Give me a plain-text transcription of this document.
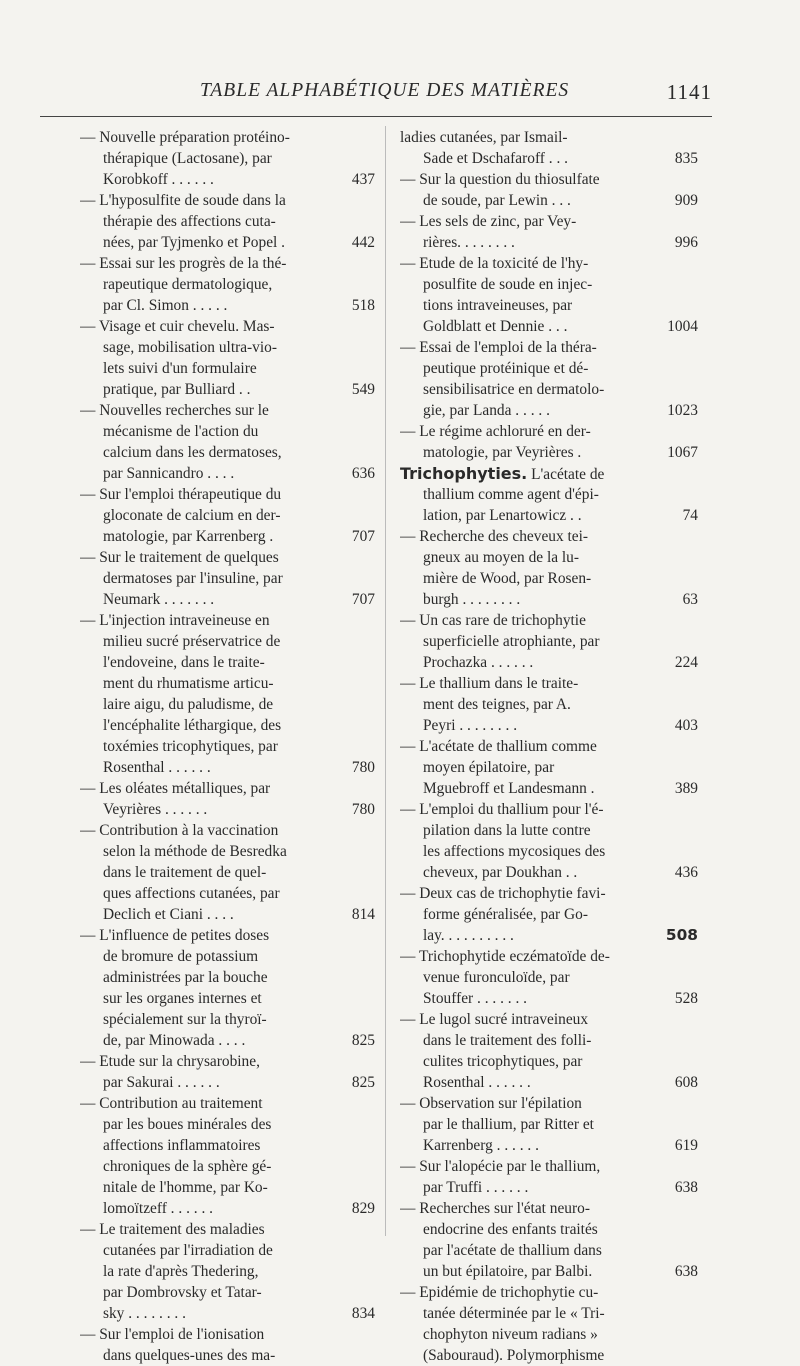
TABLE ALPHABÉTIQUE DES MATIÈRES	1141
— Nouvelle préparation protéino-
thérapique (Lactosane), par
Korobkoff . . . . . .
— L'hyposulfite de soude dans la
thérapie des affections cuta-
nées, par Tyjmenko et Popel .
— Essai sur les progrès de la thé-
rapeutique dermatologique,
par Cl. Simon . . . . .
— Visage et cuir chevelu. Mas-
sage, mobilisation ultra-vio-
lets suivi d'un formulaire
pratique, par Bulliard . .
— Nouvelles recherches sur le
mécanisme de l'action du
calcium dans les dermatoses,
par Sannicandro . . . .
— Sur l'emploi thérapeutique du
gloconate de calcium en der-
matologie, par Karrenberg .
— Sur le traitement de quelques
dermatoses par l'insuline, par
Neumark . . . . . . .
— L'injection intraveineuse en
milieu sucré préservatrice de
l'endoveine, dans le traite-
ment du rhumatisme articu-
laire aigu, du paludisme, de
l'encéphalite léthargique, des
toxémies tricophytiques, par
Rosenthal . . . . . .
— Les oléates métalliques, par
Veyrières . . . . . .
— Contribution à la vaccination
selon la méthode de Besredka
dans le traitement de quel-
ques affections cutanées, par
Declich et Ciani . . . .
— L'influence de petites doses
de bromure de potassium
administrées par la bouche
sur les organes internes et
spécialement sur la thyroï-
de, par Minowada . . . .
— Etude sur la chrysarobine,
par Sakurai . . . . . .
— Contribution au traitement
par les boues minérales des
affections inflammatoires
chroniques de la sphère gé-
nitale de l'homme, par Ko-
lomoïtzeff . . . . . .
— Le traitement des maladies
cutanées par l'irradiation de
la rate d'après Thedering,
par Dombrovsky et Tatar-
sky . . . . . . . .
— Sur l'emploi de l'ionisation
dans quelques-unes des ma-
437
442
518
549
636
707
707
780
780
814
825
825
829
834
ladies cutanées, par Ismail-
Sade et Dschafaroff . . .
— Sur la question du thiosulfate
de soude, par Lewin . . .
— Les sels de zinc, par Vey-
rières. . . . . . . .
— Etude de la toxicité de l'hy-
posulfite de soude en injec-
tions intraveineuses, par
Goldblatt et Dennie . . .
— Essai de l'emploi de la théra-
peutique protéinique et dé-
sensibilisatrice en dermatolo-
gie, par Landa . . . . .
— Le régime achloruré en der-
matologie, par Veyrières .
Trichophyties. L'acétate de
thallium comme agent d'épi-
lation, par Lenartowicz . .
— Recherche des cheveux tei-
gneux au moyen de la lu-
mière de Wood, par Rosen-
burgh . . . . . . . .
— Un cas rare de trichophytie
superficielle atrophiante, par
Prochazka . . . . . .
— Le thallium dans le traite-
ment des teignes, par A.
Peyri . . . . . . . .
— L'acétate de thallium comme
moyen épilatoire, par
Mguebroff et Landesmann .
— L'emploi du thallium pour l'é-
pilation dans la lutte contre
les affections mycosiques des
cheveux, par Doukhan . .
— Deux cas de trichophytie favi-
forme généralisée, par Go-
lay. . . . . . . . . .
— Trichophytide eczématoïde de-
venue furonculoïde, par
Stouffer . . . . . . .
— Le lugol sucré intraveineux
dans le traitement des folli-
culites tricophytiques, par
Rosenthal . . . . . .
— Observation sur l'épilation
par le thallium, par Ritter et
Karrenberg . . . . . .
— Sur l'alopécie par le thallium,
par Truffi . . . . . .
— Recherches sur l'état neuro-
endocrine des enfants traités
par l'acétate de thallium dans
un but épilatoire, par Balbi.
— Epidémie de trichophytie cu-
tanée déterminée par le « Tri-
chophyton niveum radians »
(Sabouraud). Polymorphisme
835
909
996
1004
1023
1067
74
63
224
403
389
436
508
528
608
619
638
638
